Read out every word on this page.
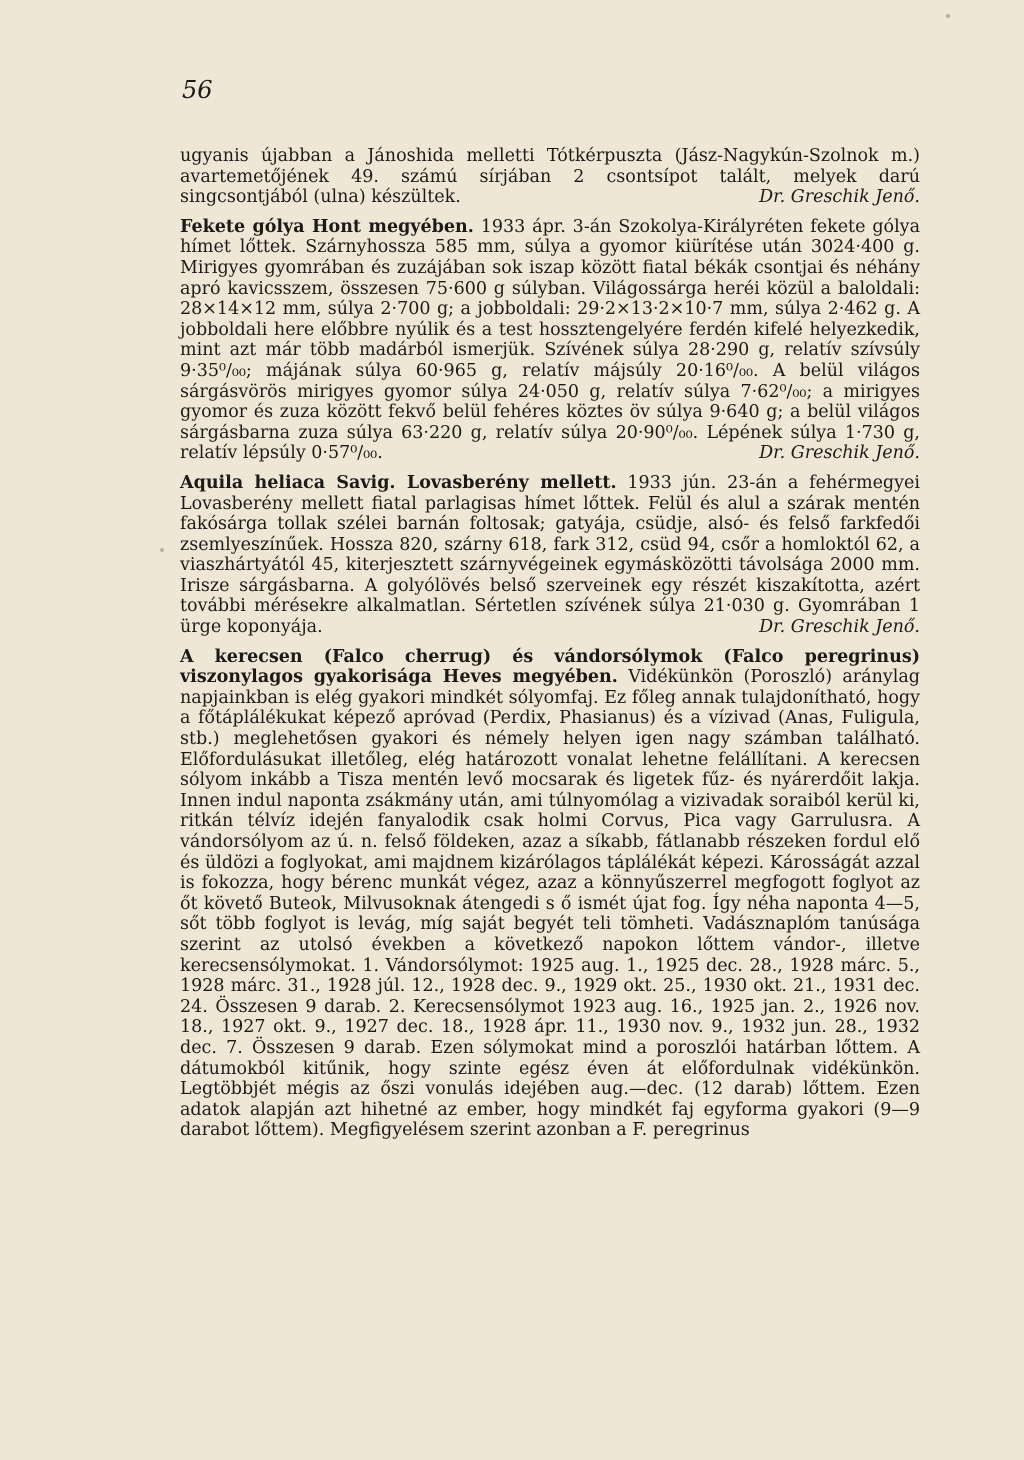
56

ugyanis újabban a Jánoshida melletti Tótkérpuszta (Jász-Nagykún-Szolnok m.) avartemetőjének 49. számú sírjában 2 csontsípot talált, melyek darú singcsontjából (ulna) készültek.	Dr. Greschik Jenő.

Fekete gólya Hont megyében. 1933 ápr. 3-án Szokolya-Királyréten fekete gólya hímet lőttek. Szárnyhossza 585 mm, súlya a gyomor kiürítése után 3024·400 g. Mirigyes gyomrában és zuzájában sok iszap között fiatal békák csontjai és néhány apró kavicsszem, összesen 75·600 g súlyban. Világossárga heréi közül a baloldali: 28×14×12 mm, súlya 2·700 g; a jobboldali: 29·2×13·2×10·7 mm, súlya 2·462 g. A jobboldali here előbbre nyúlik és a test hossztengelyére ferdén kifelé helyezkedik, mint azt már több madárból ismerjük. Szívének súlya 28·290 g, relatív szívsúly 9·35⁰/₀₀; májának súlya 60·965 g, relatív májsúly 20·16⁰/₀₀. A belül világos sárgásvörös mirigyes gyomor súlya 24·050 g, relatív súlya 7·62⁰/₀₀; a mirigyes gyomor és zuza között fekvő belül fehéres köztes öv súlya 9·640 g; a belül világos sárgásbarna zuza súlya 63·220 g, relatív súlya 20·90⁰/₀₀. Lépének súlya 1·730 g, relatív lépsúly 0·57⁰/₀₀.	Dr. Greschik Jenő.

Aquila heliaca Savig. Lovasberény mellett. 1933 jún. 23-án a fehérmegyei Lovasberény mellett fiatal parlagisas hímet lőttek. Felül és alul a szárak mentén fakósárga tollak szélei barnán foltosak; gatyája, csüdje, alsó- és felső farkfedői zsemlyeszínűek. Hossza 820, szárny 618, fark 312, csüd 94, csőr a homloktól 62, a viaszhártyától 45, kiterjesztett szárnyvégeinek egymásközötti távolsága 2000 mm. Irisze sárgásbarna. A golyólövés belső szerveinek egy részét kiszakította, azért további mérésekre alkalmatlan. Sértetlen szívének súlya 21·030 g. Gyomrában 1 ürge koponyája.	Dr. Greschik Jenő.

A kerecsen (Falco cherrug) és vándorsólymok (Falco peregrinus) viszonylagos gyakorisága Heves megyében. Vidékünkön (Poroszló) aránylag napjainkban is elég gyakori mindkét sólyomfaj. Ez főleg annak tulajdonítható, hogy a főtáplálékukat képező apróvad (Perdix, Phasianus) és a vízivad (Anas, Fuligula, stb.) meglehetősen gyakori és némely helyen igen nagy számban található. Előfordulásukat illetőleg, elég határozott vonalat lehetne felállítani. A kerecsen sólyom inkább a Tisza mentén levő mocsarak és ligetek fűz- és nyárerdőit lakja. Innen indul naponta zsákmány után, ami túlnyomólag a vizivadak soraiból kerül ki, ritkán télvíz idején fanyalodik csak holmi Corvus, Pica vagy Garrulusra. A vándorsólyom az ú. n. felső földeken, azaz a síkabb, fátlanabb részeken fordul elő és üldözi a foglyokat, ami majdnem kizárólagos táplálékát képezi. Károsságát azzal is fokozza, hogy bérenc munkát végez, azaz a könnyűszerrel megfogott foglyot az őt követő Buteok, Milvusoknak átengedi s ő ismét újat fog. Így néha naponta 4—5, sőt több foglyot is levág, míg saját begyét teli tömheti. Vadásznaplóm tanúsága szerint az utolsó években a következő napokon lőttem vándor-, illetve kerecsensólymokat. 1. Vándorsólymot: 1925 aug. 1., 1925 dec. 28., 1928 márc. 5., 1928 márc. 31., 1928 júl. 12., 1928 dec. 9., 1929 okt. 25., 1930 okt. 21., 1931 dec. 24. Összesen 9 darab. 2. Kerecsensólymot 1923 aug. 16., 1925 jan. 2., 1926 nov. 18., 1927 okt. 9., 1927 dec. 18., 1928 ápr. 11., 1930 nov. 9., 1932 jun. 28., 1932 dec. 7. Összesen 9 darab. Ezen sólymokat mind a poroszlói határban lőttem. A dátumokból kitűnik, hogy szinte egész éven át előfordulnak vidékünkön. Legtöbbjét mégis az őszi vonulás idejében aug.—dec. (12 darab) lőttem. Ezen adatok alapján azt hihetné az ember, hogy mindkét faj egyforma gyakori (9—9 darabot lőttem). Megfigyelésem szerint azonban a F. peregrinus
